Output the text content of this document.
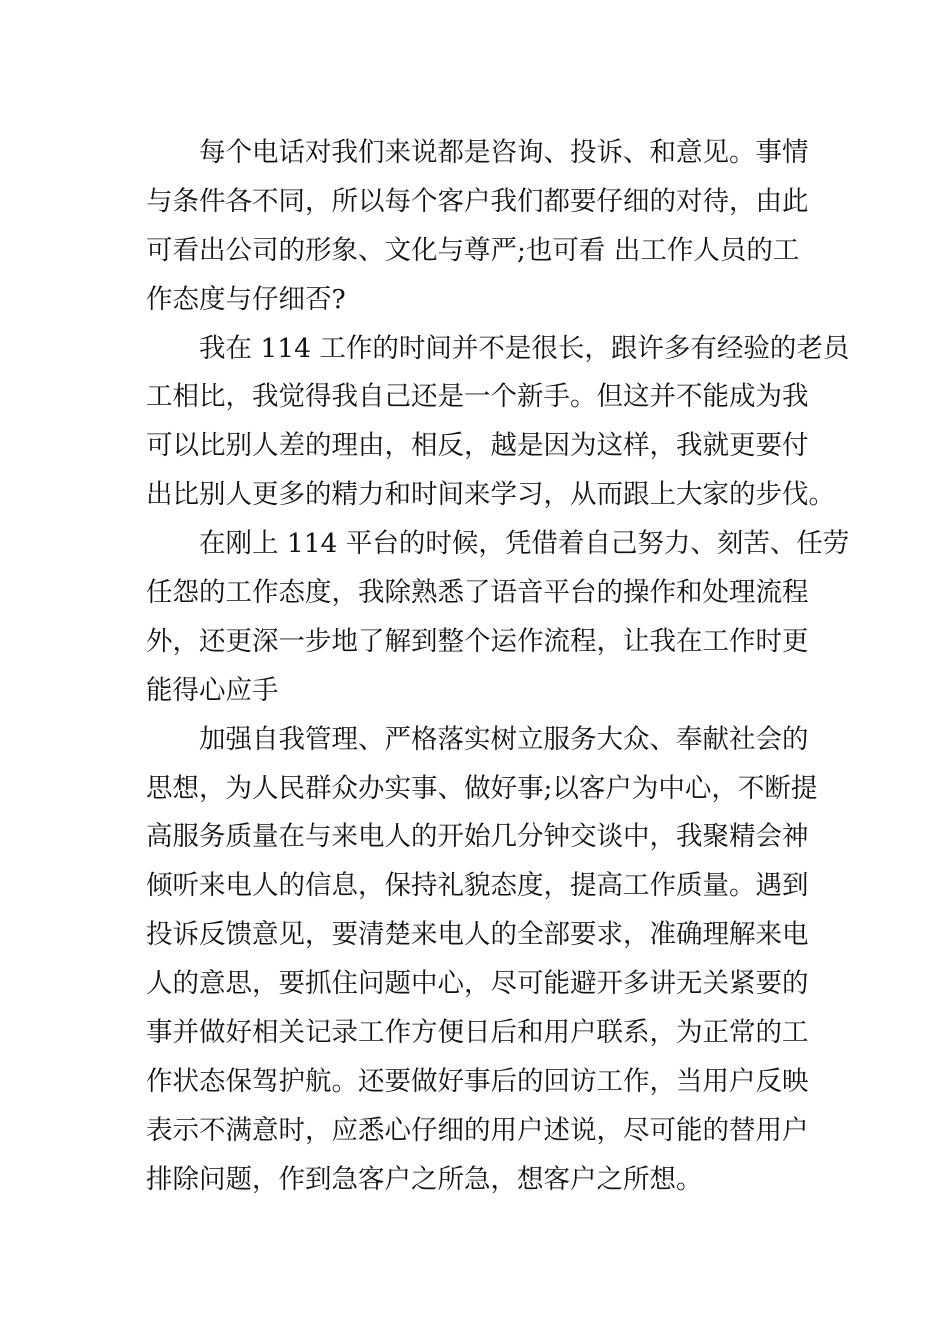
每个电话对我们来说都是咨询、投诉、和意见。事情
与条件各不同，所以每个客户我们都要仔细的对待，由此
可看出公司的形象、文化与尊严;也可看 出工作人员的工
作态度与仔细否?
我在 114 工作的时间并不是很长，跟许多有经验的老员
工相比，我觉得我自己还是一个新手。但这并不能成为我
可以比别人差的理由，相反，越是因为这样，我就更要付
出比别人更多的精力和时间来学习，从而跟上大家的步伐。
在刚上 114 平台的时候，凭借着自己努力、刻苦、任劳
任怨的工作态度，我除熟悉了语音平台的操作和处理流程
外，还更深一步地了解到整个运作流程，让我在工作时更
能得心应手
加强自我管理、严格落实树立服务大众、奉献社会的
思想，为人民群众办实事、做好事;以客户为中心，不断提
高服务质量在与来电人的开始几分钟交谈中，我聚精会神
倾听来电人的信息，保持礼貌态度，提高工作质量。遇到
投诉反馈意见，要清楚来电人的全部要求，准确理解来电
人的意思，要抓住问题中心，尽可能避开多讲无关紧要的
事并做好相关记录工作方便日后和用户联系，为正常的工
作状态保驾护航。还要做好事后的回访工作，当用户反映
表示不满意时，应悉心仔细的用户述说，尽可能的替用户
排除问题，作到急客户之所急，想客户之所想。
